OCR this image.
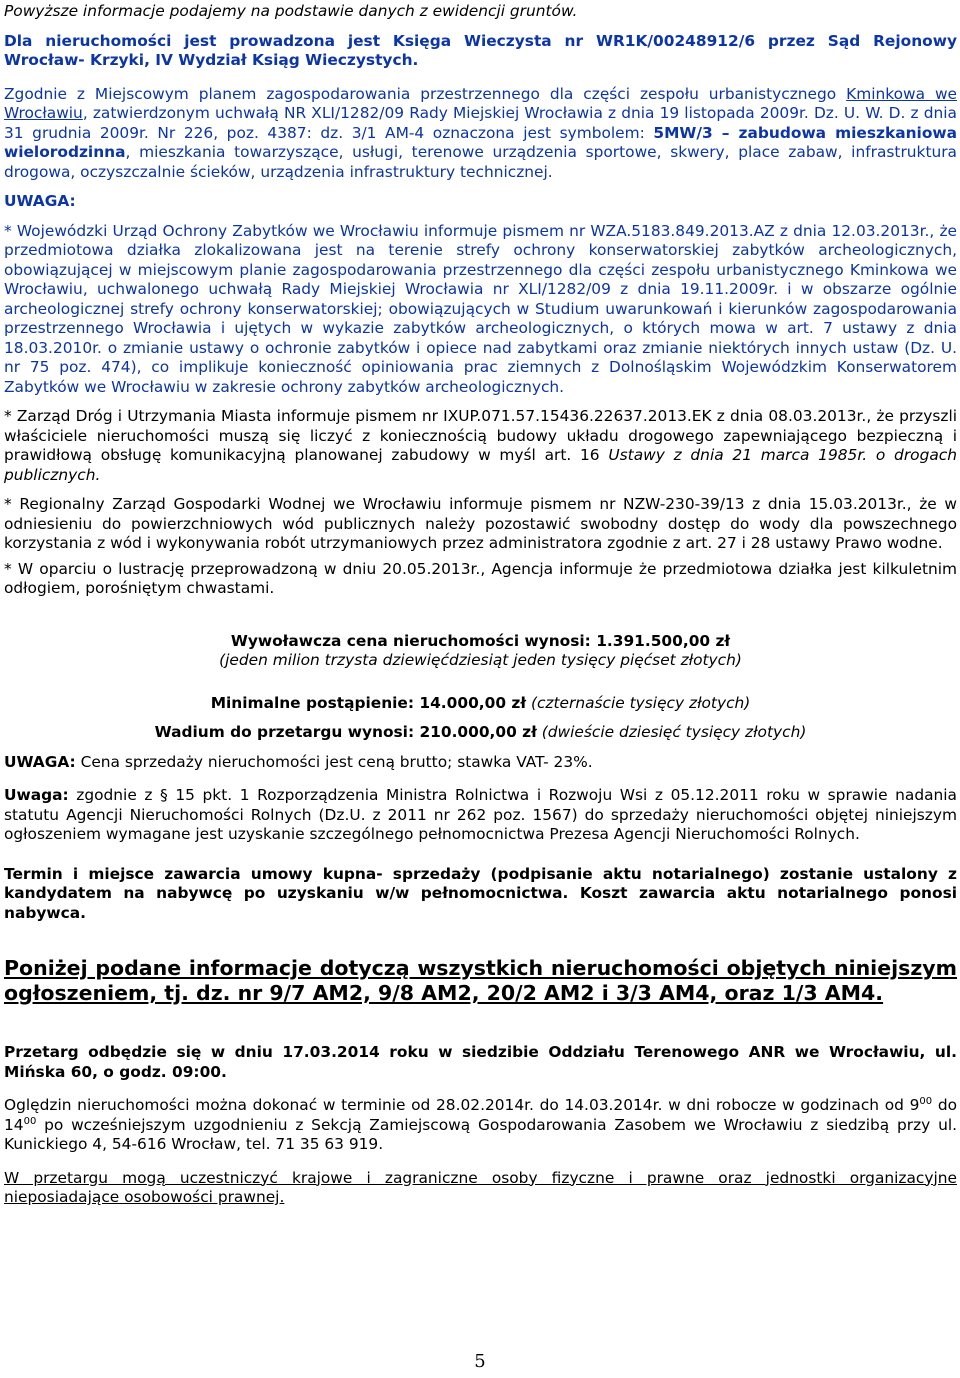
Powyższe informacje podajemy na podstawie danych z ewidencji gruntów.

Dla nieruchomości jest prowadzona jest Księga Wieczysta nr WR1K/00248912/6 przez Sąd Rejonowy Wrocław- Krzyki, IV Wydział Ksiąg Wieczystych.

Zgodnie z Miejscowym planem zagospodarowania przestrzennego dla części zespołu urbanistycznego Kminkowa we Wrocławiu, zatwierdzonym uchwałą NR XLI/1282/09 Rady Miejskiej Wrocławia z dnia 19 listopada 2009r. Dz. U. W. D. z dnia 31 grudnia 2009r. Nr 226, poz. 4387: dz. 3/1 AM-4 oznaczona jest symbolem: 5MW/3 – zabudowa mieszkaniowa wielorodzinna, mieszkania towarzyszące, usługi, terenowe urządzenia sportowe, skwery, place zabaw, infrastruktura drogowa, oczyszczalnie ścieków, urządzenia infrastruktury technicznej.

UWAGA:

* Wojewódzki Urząd Ochrony Zabytków we Wrocławiu informuje pismem nr WZA.5183.849.2013.AZ z dnia 12.03.2013r., że przedmiotowa działka zlokalizowana jest na terenie strefy ochrony konserwatorskiej zabytków archeologicznych, obowiązującej w miejscowym planie zagospodarowania przestrzennego dla części zespołu urbanistycznego Kminkowa we Wrocławiu, uchwalonego uchwałą Rady Miejskiej Wrocławia nr XLI/1282/09 z dnia 19.11.2009r. i w obszarze ogólnie archeologicznej strefy ochrony konserwatorskiej; obowiązujących w Studium uwarunkowań i kierunków zagospodarowania przestrzennego Wrocławia i ujętych w wykazie zabytków archeologicznych, o których mowa w art. 7 ustawy z dnia 18.03.2010r. o zmianie ustawy o ochronie zabytków i opiece nad zabytkami oraz zmianie niektórych innych ustaw (Dz. U. nr 75 poz. 474), co implikuje konieczność opiniowania prac ziemnych z Dolnośląskim Wojewódzkim Konserwatorem Zabytków we Wrocławiu w zakresie ochrony zabytków archeologicznych.

* Zarząd Dróg i Utrzymania Miasta informuje pismem nr IXUP.071.57.15436.22637.2013.EK z dnia 08.03.2013r., że przyszli właściciele nieruchomości muszą się liczyć z koniecznością budowy układu drogowego zapewniającego bezpieczną i prawidłową obsługę komunikacyjną planowanej zabudowy w myśl art. 16 Ustawy z dnia 21 marca 1985r. o drogach publicznych.

* Regionalny Zarząd Gospodarki Wodnej we Wrocławiu informuje pismem nr NZW-230-39/13 z dnia 15.03.2013r., że w odniesieniu do powierzchniowych wód publicznych należy pozostawić swobodny dostęp do wody dla powszechnego korzystania z wód i wykonywania robót utrzymaniowych przez administratora zgodnie z art. 27 i 28 ustawy Prawo wodne.

* W oparciu o lustrację przeprowadzoną w dniu 20.05.2013r., Agencja informuje że przedmiotowa działka jest kilkuletnim odłogiem, porośniętym chwastami.

Wywoławcza cena nieruchomości wynosi: 1.391.500,00 zł

(jeden milion trzysta dziewięćdziesiąt jeden tysięcy pięćset złotych)

Minimalne postąpienie: 14.000,00 zł (czternaście tysięcy złotych)

Wadium do przetargu wynosi: 210.000,00 zł (dwieście dziesięć tysięcy złotych)

UWAGA: Cena sprzedaży nieruchomości jest ceną brutto; stawka VAT- 23%.

Uwaga: zgodnie z § 15 pkt. 1 Rozporządzenia Ministra Rolnictwa i Rozwoju Wsi z 05.12.2011 roku w sprawie nadania statutu Agencji Nieruchomości Rolnych (Dz.U. z 2011 nr 262 poz. 1567) do sprzedaży nieruchomości objętej niniejszym ogłoszeniem wymagane jest uzyskanie szczególnego pełnomocnictwa Prezesa Agencji Nieruchomości Rolnych.

Termin i miejsce zawarcia umowy kupna- sprzedaży (podpisanie aktu notarialnego) zostanie ustalony z kandydatem na nabywcę po uzyskaniu w/w pełnomocnictwa. Koszt zawarcia aktu notarialnego ponosi nabywca.

Poniżej podane informacje dotyczą wszystkich nieruchomości objętych niniejszym ogłoszeniem, tj. dz. nr 9/7 AM2, 9/8 AM2, 20/2 AM2 i 3/3 AM4, oraz 1/3 AM4.

Przetarg odbędzie się w dniu 17.03.2014 roku w siedzibie Oddziału Terenowego ANR we Wrocławiu, ul. Mińska 60, o godz. 09:00.

Oględzin nieruchomości można dokonać w terminie od 28.02.2014r. do 14.03.2014r. w dni robocze w godzinach od $9^{00}$ do $14^{00}$ po wcześniejszym uzgodnieniu z Sekcją Zamiejscową Gospodarowania Zasobem we Wrocławiu z siedzibą przy ul. Kunickiego 4, 54-616 Wrocław, tel. 71 35 63 919.

W przetargu mogą uczestniczyć krajowe i zagraniczne osoby fizyczne i prawne oraz jednostki organizacyjne nieposiadające osobowości prawnej.

5
